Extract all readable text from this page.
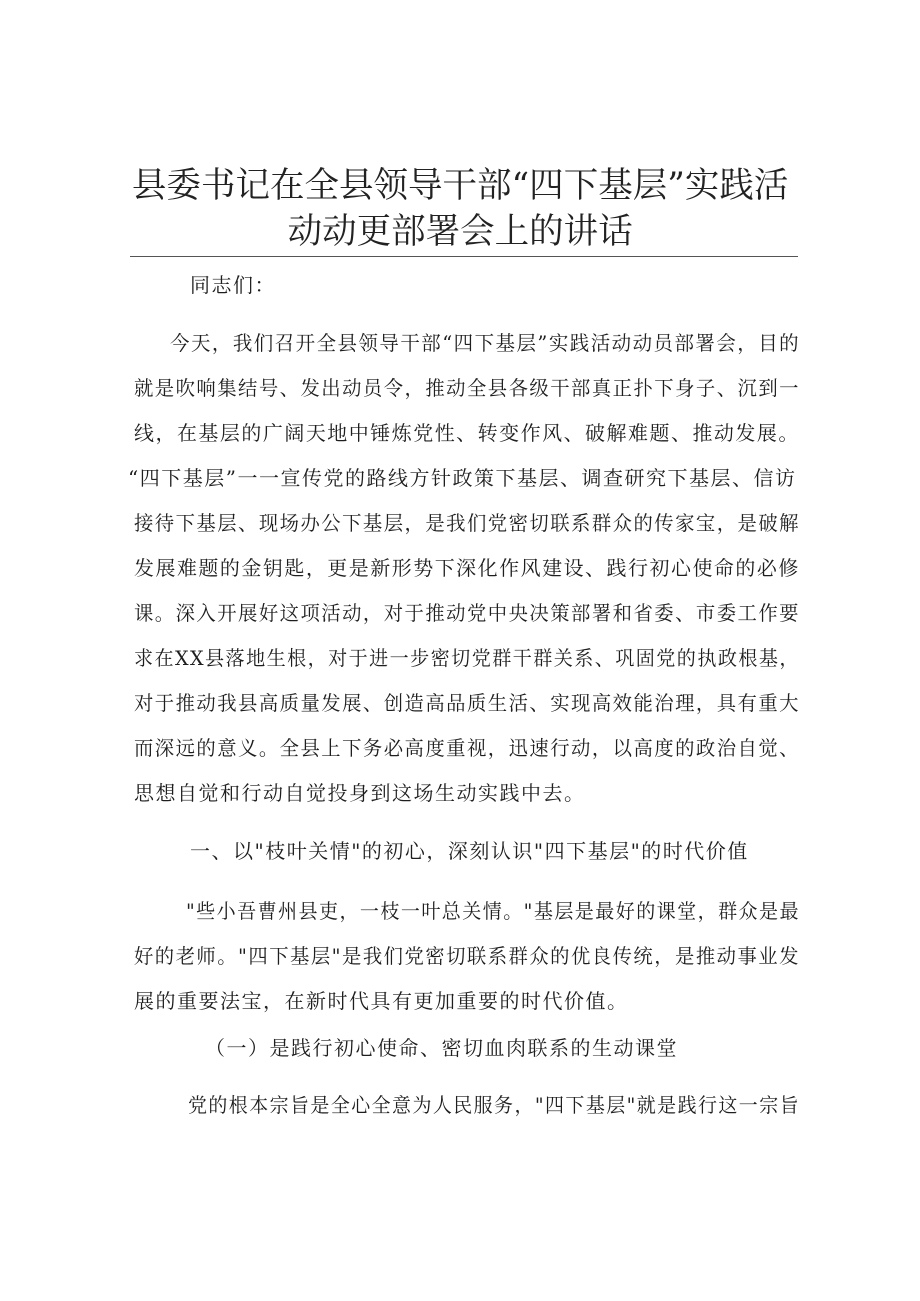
县委书记在全县领导干部“四下基层”实践活
动动更部署会上的讲话
同志们：
今天，我们召开全县领导干部“四下基层”实践活动动员部署会，目的
就是吹响集结号、发出动员令，推动全县各级干部真正扑下身子、沉到一
线，在基层的广阔天地中锤炼党性、转变作风、破解难题、推动发展。
“四下基层”一一宣传党的路线方针政策下基层、调查研究下基层、信访
接待下基层、现场办公下基层，是我们党密切联系群众的传家宝，是破解
发展难题的金钥匙，更是新形势下深化作风建设、践行初心使命的必修
课。深入开展好这项活动，对于推动党中央决策部署和省委、市委工作要
求在XX县落地生根，对于进一步密切党群干群关系、巩固党的执政根基，
对于推动我县高质量发展、创造高品质生活、实现高效能治理，具有重大
而深远的意义。全县上下务必高度重视，迅速行动，以高度的政治自觉、
思想自觉和行动自觉投身到这场生动实践中去。
一、以"枝叶关情"的初心，深刻认识"四下基层"的时代价值
"些小吾曹州县吏，一枝一叶总关情。"基层是最好的课堂，群众是最
好的老师。"四下基层"是我们党密切联系群众的优良传统，是推动事业发
展的重要法宝，在新时代具有更加重要的时代价值。
（一）是践行初心使命、密切血肉联系的生动课堂
党的根本宗旨是全心全意为人民服务，"四下基层"就是践行这一宗旨
